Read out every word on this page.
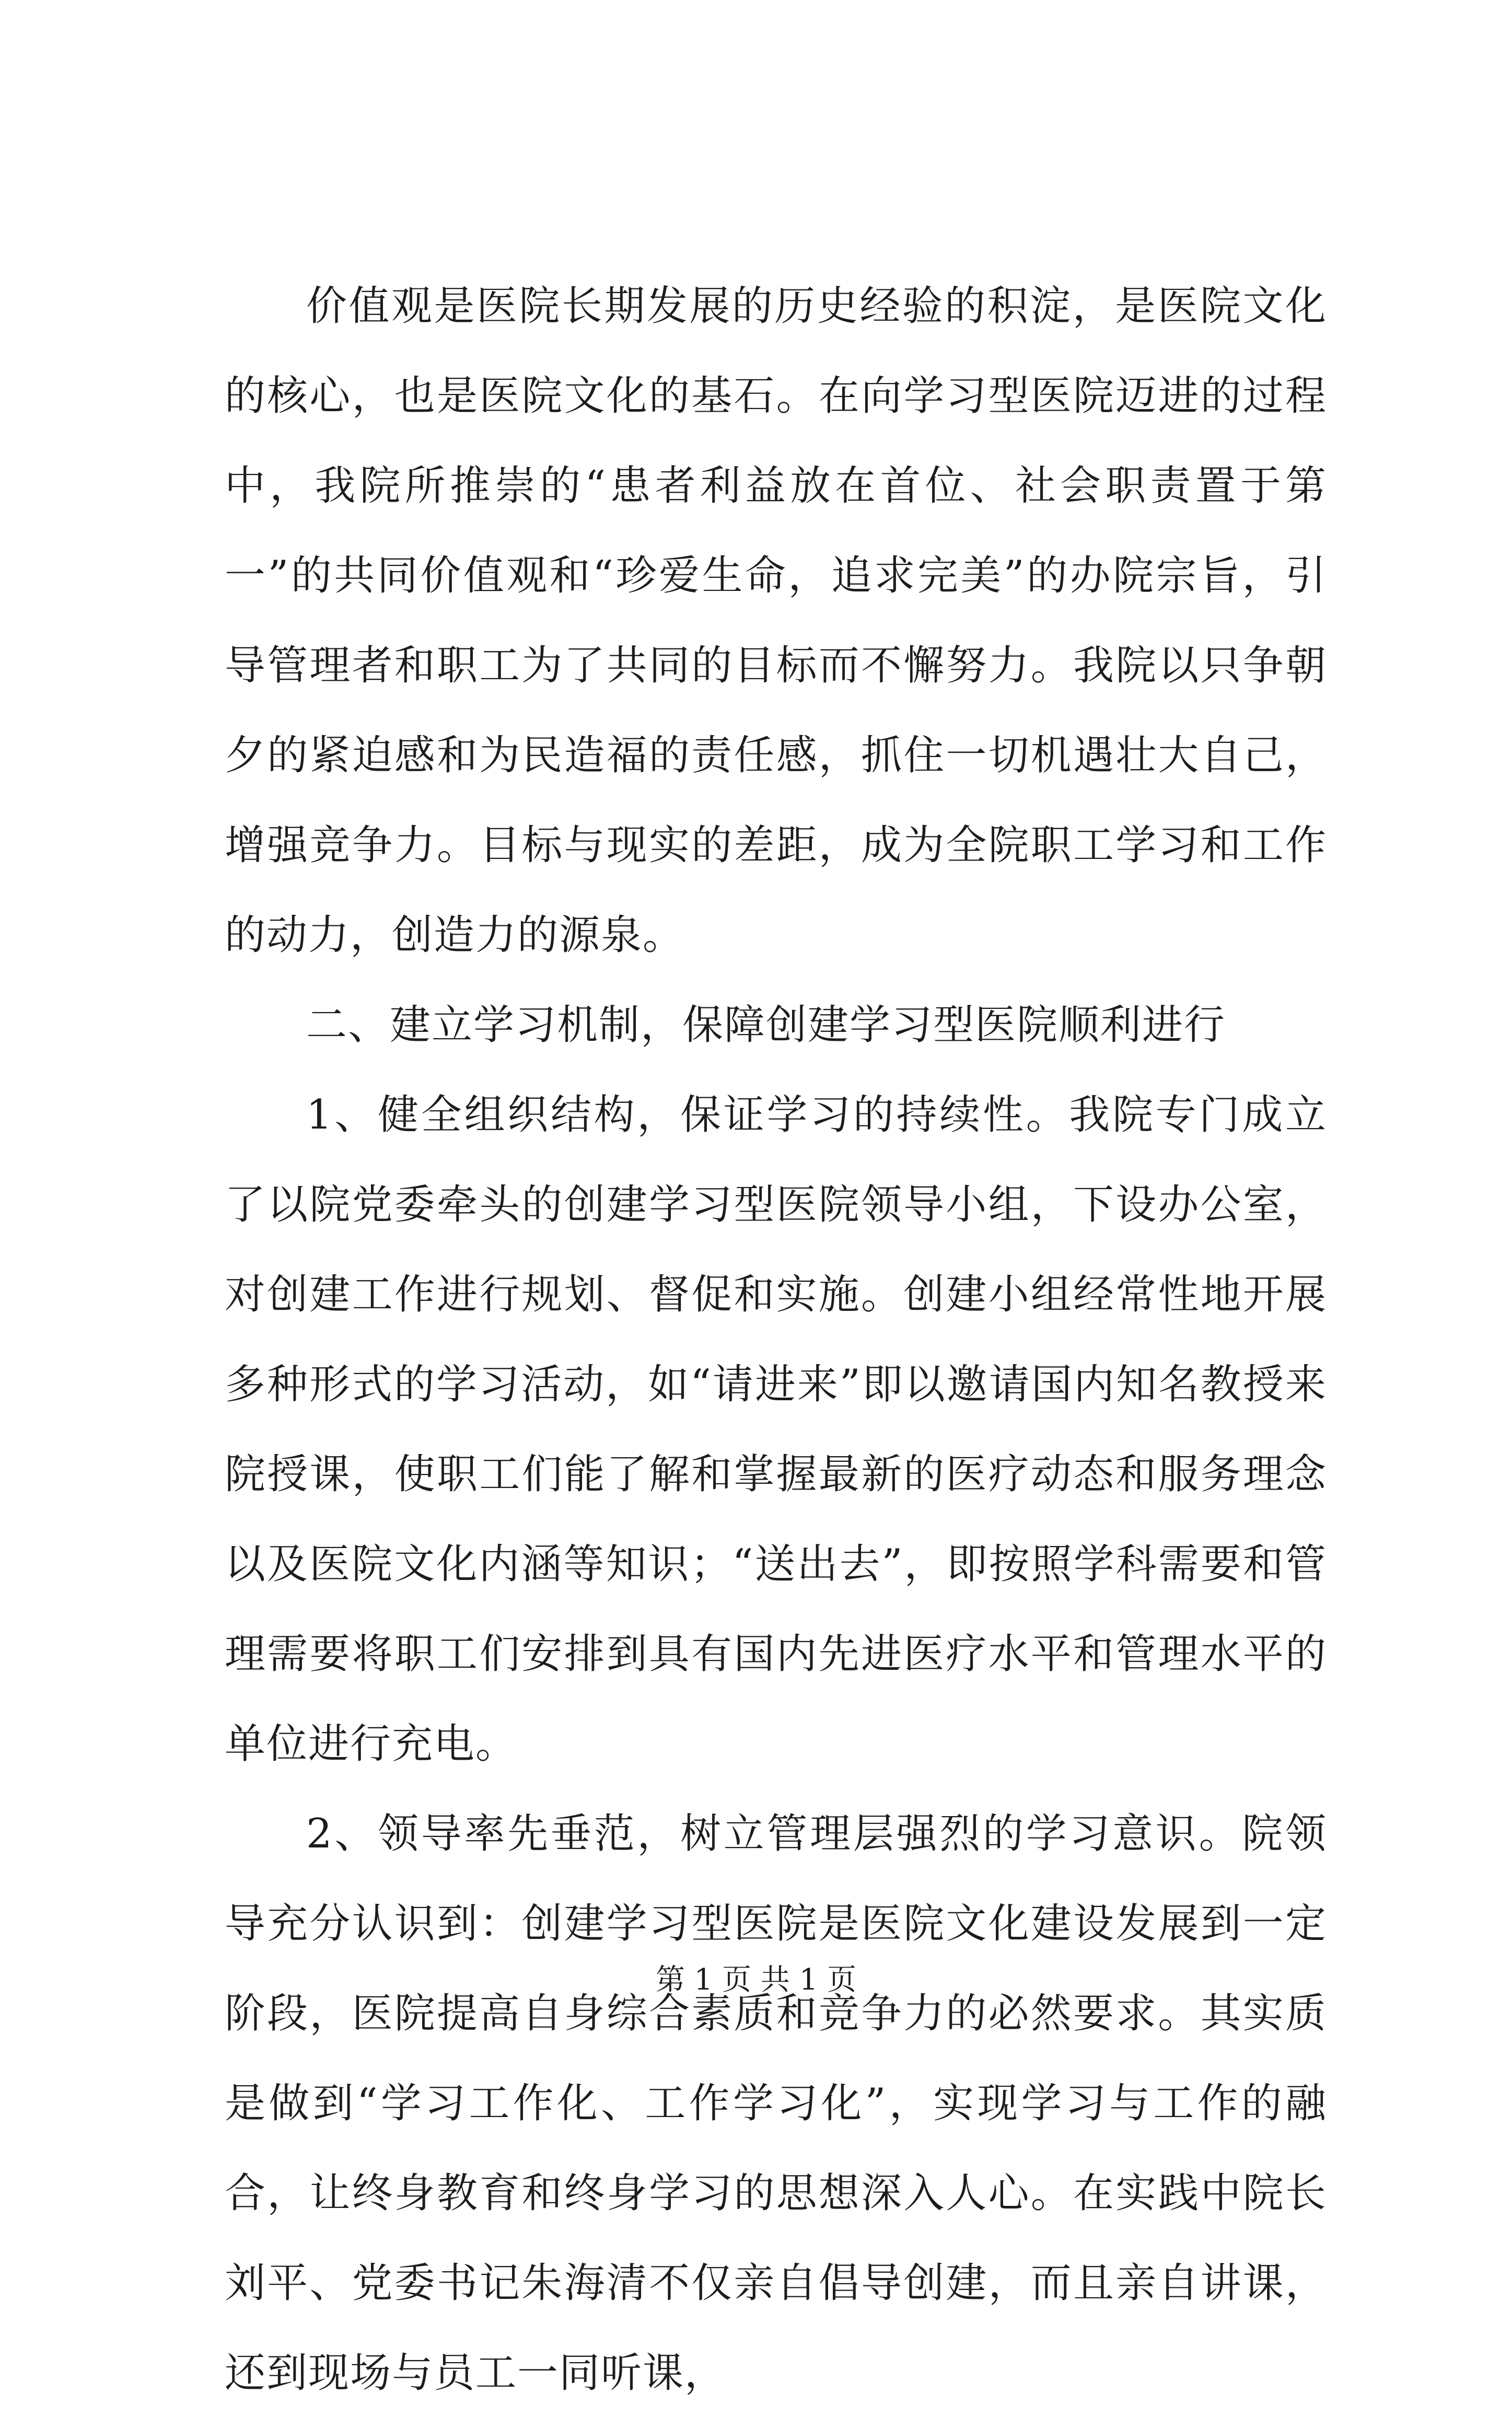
价值观是医院长期发展的历史经验的积淀，是医院文化的核心，也是医院文化的基石。在向学习型医院迈进的过程中，我院所推崇的“患者利益放在首位、社会职责置于第一”的共同价值观和“珍爱生命，追求完美”的办院宗旨，引导管理者和职工为了共同的目标而不懈努力。我院以只争朝夕的紧迫感和为民造福的责任感，抓住一切机遇壮大自己，增强竞争力。目标与现实的差距，成为全院职工学习和工作的动力，创造力的源泉。

二、建立学习机制，保障创建学习型医院顺利进行

1、健全组织结构，保证学习的持续性。我院专门成立了以院党委牵头的创建学习型医院领导小组，下设办公室，对创建工作进行规划、督促和实施。创建小组经常性地开展多种形式的学习活动，如“请进来”即以邀请国内知名教授来院授课，使职工们能了解和掌握最新的医疗动态和服务理念以及医院文化内涵等知识；“送出去”，即按照学科需要和管理需要将职工们安排到具有国内先进医疗水平和管理水平的单位进行充电。

2、领导率先垂范，树立管理层强烈的学习意识。院领导充分认识到：创建学习型医院是医院文化建设发展到一定阶段，医院提高自身综合素质和竞争力的必然要求。其实质是做到“学习工作化、工作学习化”，实现学习与工作的融合，让终身教育和终身学习的思想深入人心。在实践中院长刘平、党委书记朱海清不仅亲自倡导创建，而且亲自讲课，还到现场与员工一同听课，

第 1 页 共 1 页
